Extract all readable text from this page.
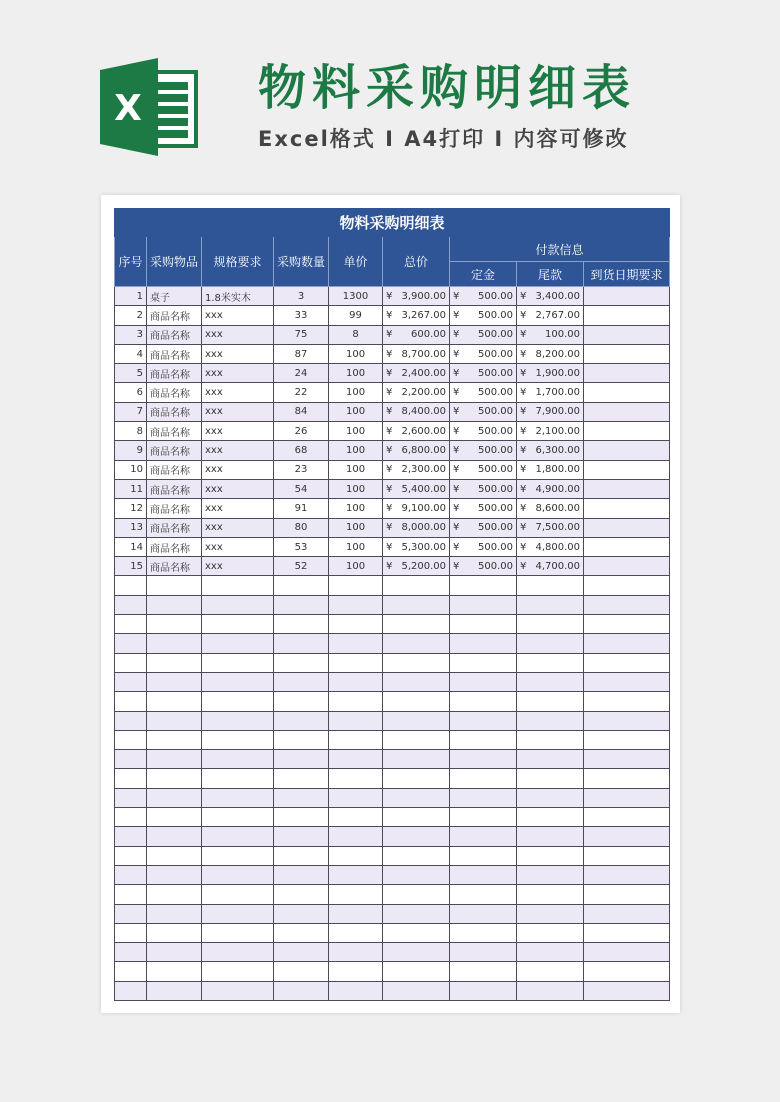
X 物料采购明细表
Excel格式 I A4打印 I 内容可修改
物料采购明细表								
序号	采购物品	规格要求	采购数量	单价	总价	付款信息		
						定金	尾款	到货日期要求
1	桌子	1.8米实木	3	1300	¥ 3,900.00	¥ 500.00	¥ 3,400.00	

2	商品名称	xxx	33	99	¥ 3,267.00	¥ 500.00	¥ 2,767.00	

3	商品名称	xxx	75	8	¥ 600.00	¥ 500.00	¥ 100.00	

4	商品名称	xxx	87	100	¥ 8,700.00	¥ 500.00	¥ 8,200.00	

5	商品名称	xxx	24	100	¥ 2,400.00	¥ 500.00	¥ 1,900.00	

6	商品名称	xxx	22	100	¥ 2,200.00	¥ 500.00	¥ 1,700.00	

7	商品名称	xxx	84	100	¥ 8,400.00	¥ 500.00	¥ 7,900.00	

8	商品名称	xxx	26	100	¥ 2,600.00	¥ 500.00	¥ 2,100.00	

9	商品名称	xxx	68	100	¥ 6,800.00	¥ 500.00	¥ 6,300.00	

10	商品名称	xxx	23	100	¥ 2,300.00	¥ 500.00	¥ 1,800.00	

11	商品名称	xxx	54	100	¥ 5,400.00	¥ 500.00	¥ 4,900.00	

12	商品名称	xxx	91	100	¥ 9,100.00	¥ 500.00	¥ 8,600.00	

13	商品名称	xxx	80	100	¥ 8,000.00	¥ 500.00	¥ 7,500.00	

14	商品名称	xxx	53	100	¥ 5,300.00	¥ 500.00	¥ 4,800.00	

15	商品名称	xxx	52	100	¥ 5,200.00	¥ 500.00	¥ 4,700.00	
